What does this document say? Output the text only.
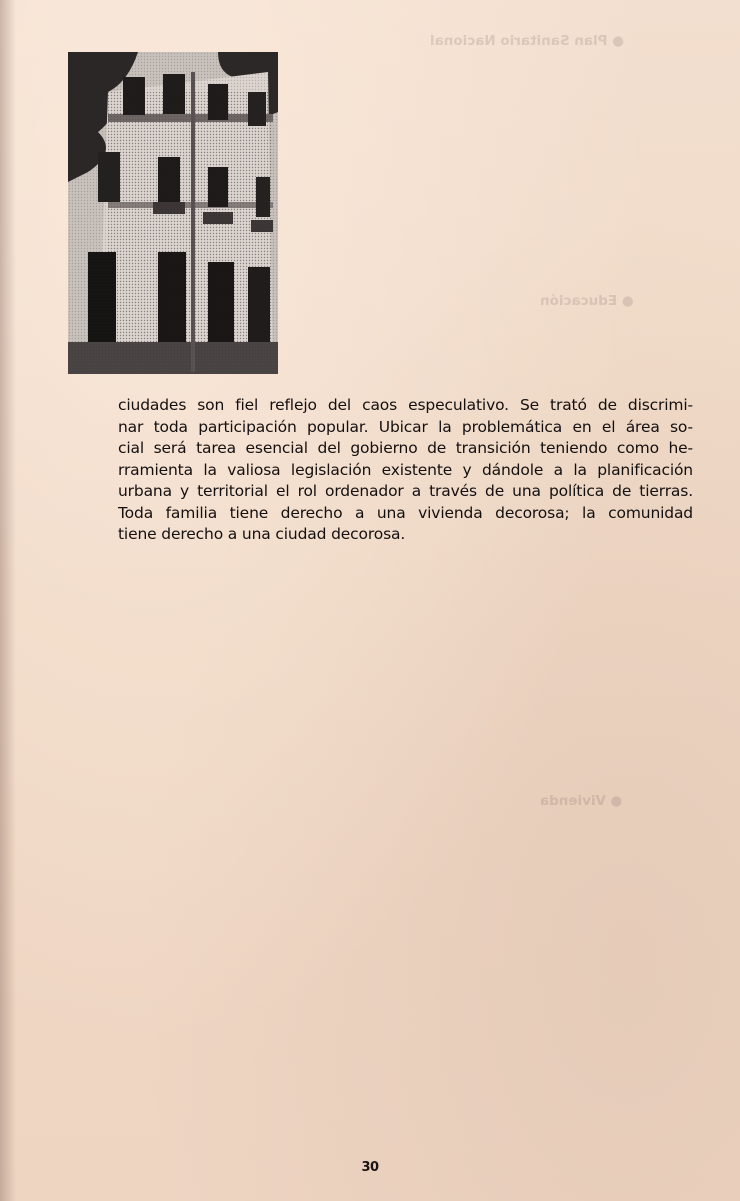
● Plan Sanitario Nacional
● Educación
● Vivienda

ciudades son fiel reflejo del caos especulativo. Se trató de discrimi-
nar toda participación popular. Ubicar la problemática en el área so-
cial será tarea esencial del gobierno de transición teniendo como he-
rramienta la valiosa legislación existente y dándole a la planificación
urbana y territorial el rol ordenador a través de una política de tierras.
Toda familia tiene derecho a una vivienda decorosa; la comunidad
tiene derecho a una ciudad decorosa.

30
